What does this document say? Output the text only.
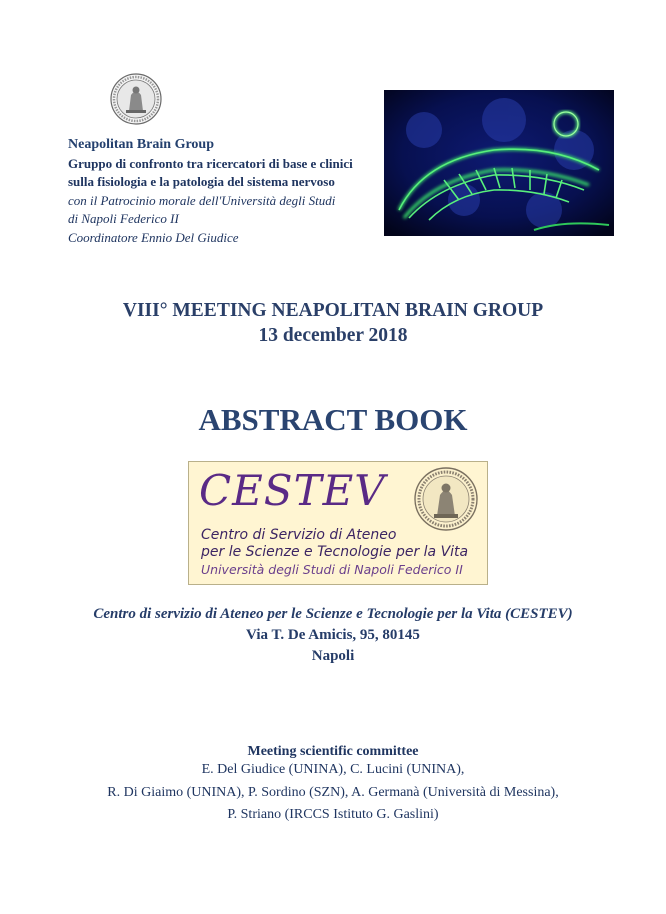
Neapolitan Brain Group
Gruppo di confronto tra ricercatori di base e clinici
sulla fisiologia e la patologia del sistema nervoso
con il Patrocinio morale dell'Università degli Studi
di Napoli Federico II
Coordinatore Ennio Del Giudice
VIII° MEETING NEAPOLITAN BRAIN GROUP
13 december 2018
ABSTRACT BOOK
CESTEV
Centro di Servizio di Ateneo
per le Scienze e Tecnologie per la Vita
Università degli Studi di Napoli Federico II
Centro di servizio di Ateneo per le Scienze e Tecnologie per la Vita (CESTEV)
Via T. De Amicis, 95, 80145
Napoli
Meeting scientific committee
E. Del Giudice (UNINA), C. Lucini (UNINA),
R. Di Giaimo (UNINA), P. Sordino (SZN), A. Germanà (Università di Messina),
P. Striano (IRCCS Istituto G. Gaslini)
